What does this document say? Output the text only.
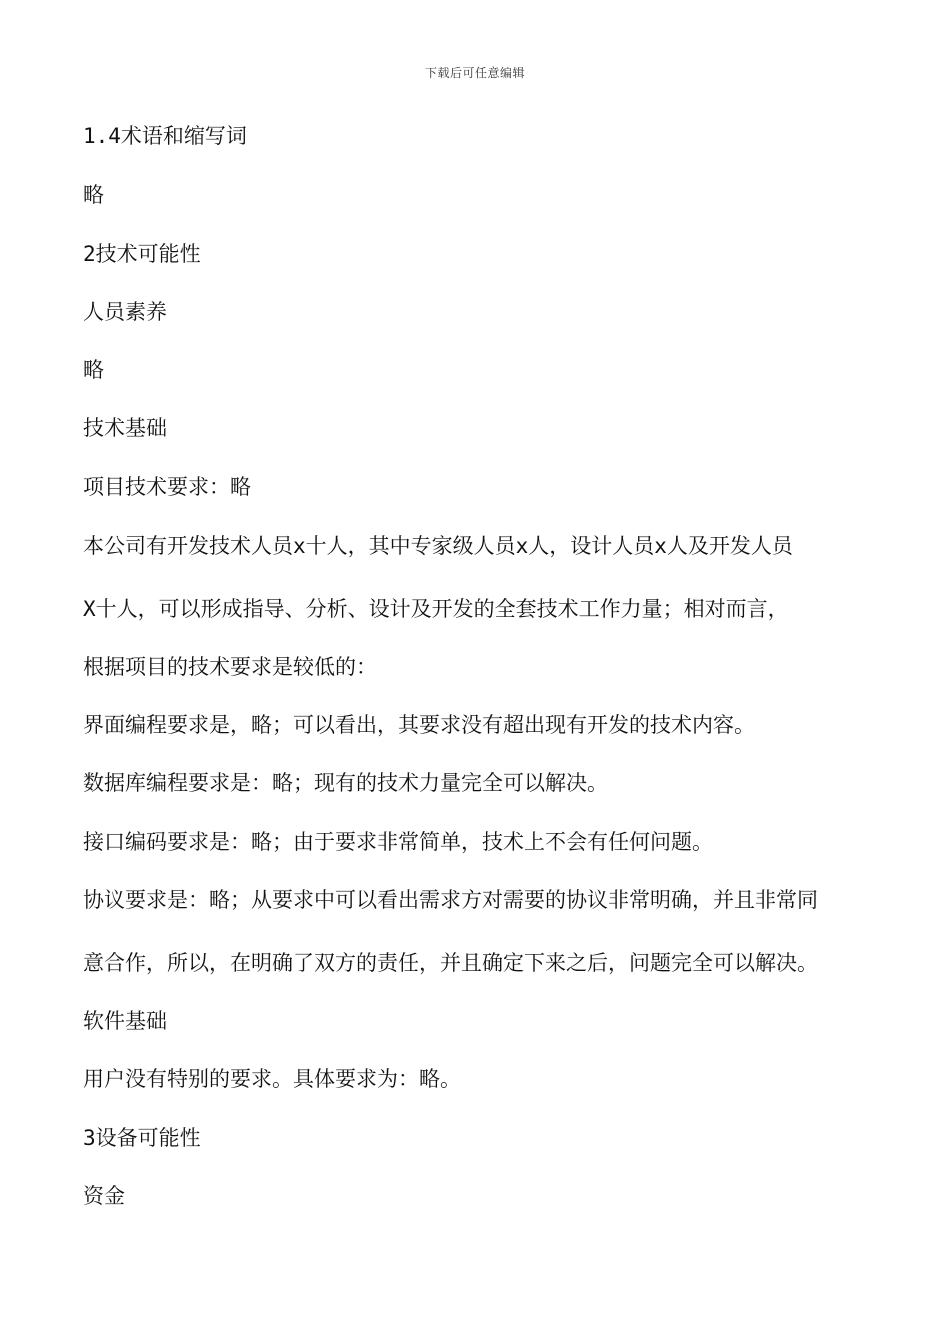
下载后可任意编辑
1.4术语和缩写词
略
2技术可能性
人员素养
略
技术基础
项目技术要求：略
本公司有开发技术人员x十人，其中专家级人员x人，设计人员x人及开发人员
X十人，可以形成指导、分析、设计及开发的全套技术工作力量；相对而言，
根据项目的技术要求是较低的：
界面编程要求是，略；可以看出，其要求没有超出现有开发的技术内容。
数据库编程要求是：略；现有的技术力量完全可以解决。
接口编码要求是：略；由于要求非常简单，技术上不会有任何问题。
协议要求是：略；从要求中可以看出需求方对需要的协议非常明确，并且非常同
意合作，所以，在明确了双方的责任，并且确定下来之后，问题完全可以解决。
软件基础
用户没有特别的要求。具体要求为：略。
3设备可能性
资金
